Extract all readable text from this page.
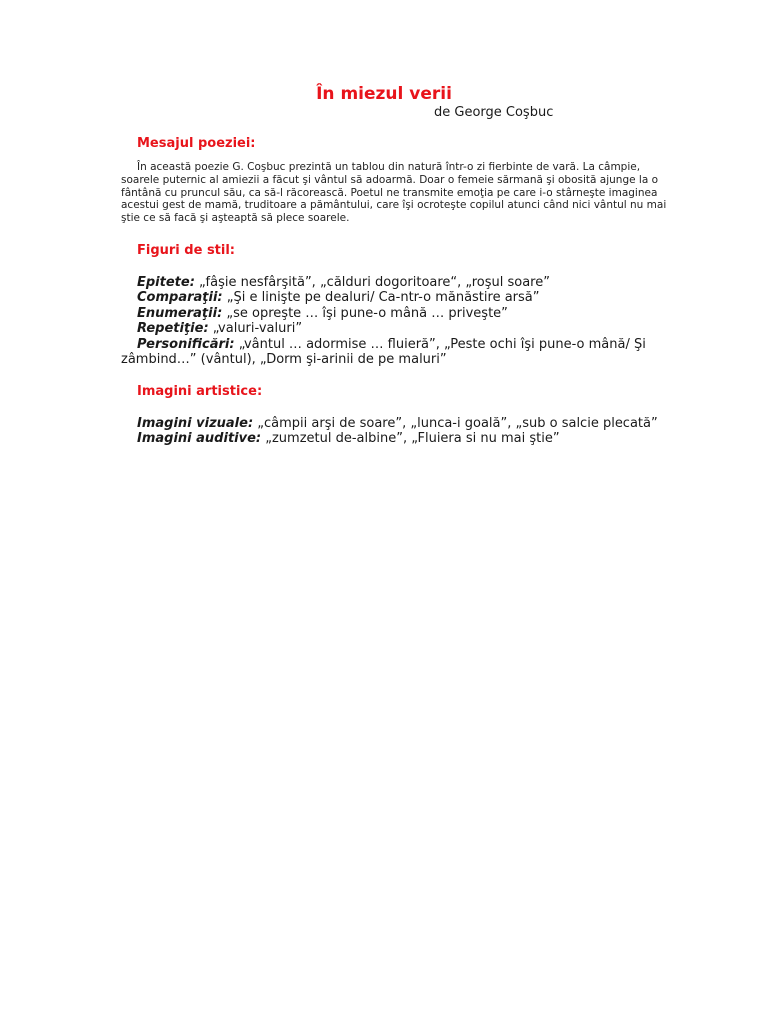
În miezul verii
de George Coşbuc
Mesajul poeziei:

În această poezie G. Coşbuc prezintă un tablou din natură într-o zi fierbinte de vară. La câmpie, soarele puternic al amiezii a făcut şi vântul să adoarmă. Doar o femeie sărmană şi obosită ajunge la o fântână cu pruncul său, ca să-l răcorească. Poetul ne transmite emoţia pe care i-o stârneşte imaginea acestui gest de mamă, truditoare a pământului, care îşi ocroteşte copilul atunci când nici vântul nu mai ştie ce să facă şi aşteaptă să plece soarele.

Figuri de stil:
Epitete: „fâşie nesfârşită”, „călduri dogoritoare“, „roşul soare”
Comparaţii: „Şi e linişte pe dealuri/ Ca-ntr-o mănăstire arsă”
Enumeraţii: „se opreşte … îşi pune-o mână … priveşte”
Repetiţie: „valuri-valuri”
Personificări: „vântul … adormise … fluieră”, „Peste ochi îşi pune-o mână/ Şi zâmbind…” (vântul), „Dorm şi-arinii de pe maluri”
Imagini artistice:
Imagini vizuale: „câmpii arşi de soare”, „lunca-i goală”, „sub o salcie plecată”
Imagini auditive: „zumzetul de-albine”, „Fluiera si nu mai ştie”
